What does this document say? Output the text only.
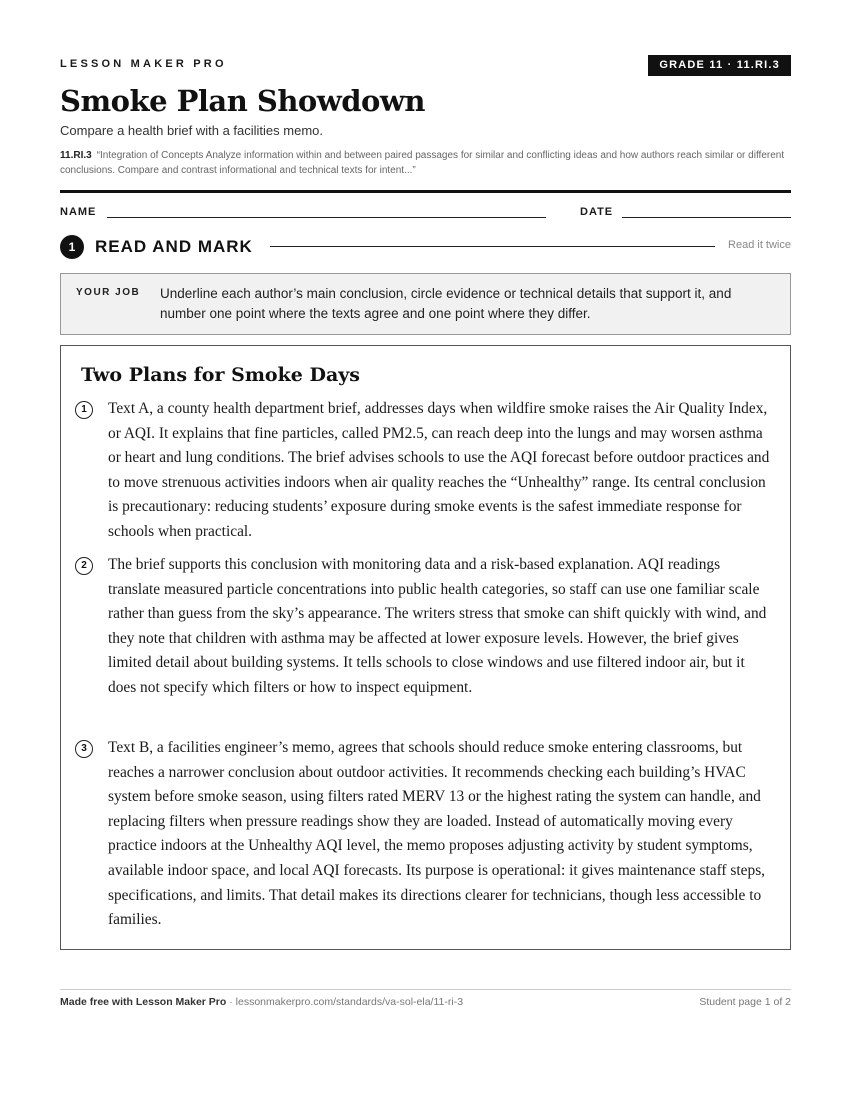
LESSON MAKER PRO	GRADE 11 · 11.RI.3
Smoke Plan Showdown
Compare a health brief with a facilities memo.
11.RI.3 “Integration of Concepts Analyze information within and between paired passages for similar and conflicting ideas and how authors reach similar or different conclusions. Compare and contrast informational and technical texts for intent...”
NAME	DATE
1	READ AND MARK	Read it twice
YOUR JOB Underline each author’s main conclusion, circle evidence or technical details that support it, and number one point where the texts agree and one point where they differ.
Two Plans for Smoke Days
1	Text A, a county health department brief, addresses days when wildfire smoke raises the Air Quality Index, or AQI. It explains that fine particles, called PM2.5, can reach deep into the lungs and may worsen asthma or heart and lung conditions. The brief advises schools to use the AQI forecast before outdoor practices and to move strenuous activities indoors when air quality reaches the “Unhealthy” range. Its central conclusion is precautionary: reducing students’ exposure during smoke events is the safest immediate response for schools when practical.
2	The brief supports this conclusion with monitoring data and a risk-based explanation. AQI readings translate measured particle concentrations into public health categories, so staff can use one familiar scale rather than guess from the sky’s appearance. The writers stress that smoke can shift quickly with wind, and they note that children with asthma may be affected at lower exposure levels. However, the brief gives limited detail about building systems. It tells schools to close windows and use filtered indoor air, but it does not specify which filters or how to inspect equipment.
3	Text B, a facilities engineer’s memo, agrees that schools should reduce smoke entering classrooms, but reaches a narrower conclusion about outdoor activities. It recommends checking each building’s HVAC system before smoke season, using filters rated MERV 13 or the highest rating the system can handle, and replacing filters when pressure readings show they are loaded. Instead of automatically moving every practice indoors at the Unhealthy AQI level, the memo proposes adjusting activity by student symptoms, available indoor space, and local AQI forecasts. Its purpose is operational: it gives maintenance staff steps, specifications, and limits. That detail makes its directions clearer for technicians, though less accessible to families.
Made free with Lesson Maker Pro · lessonmakerpro.com/standards/va-sol-ela/11-ri-3	Student page 1 of 2
